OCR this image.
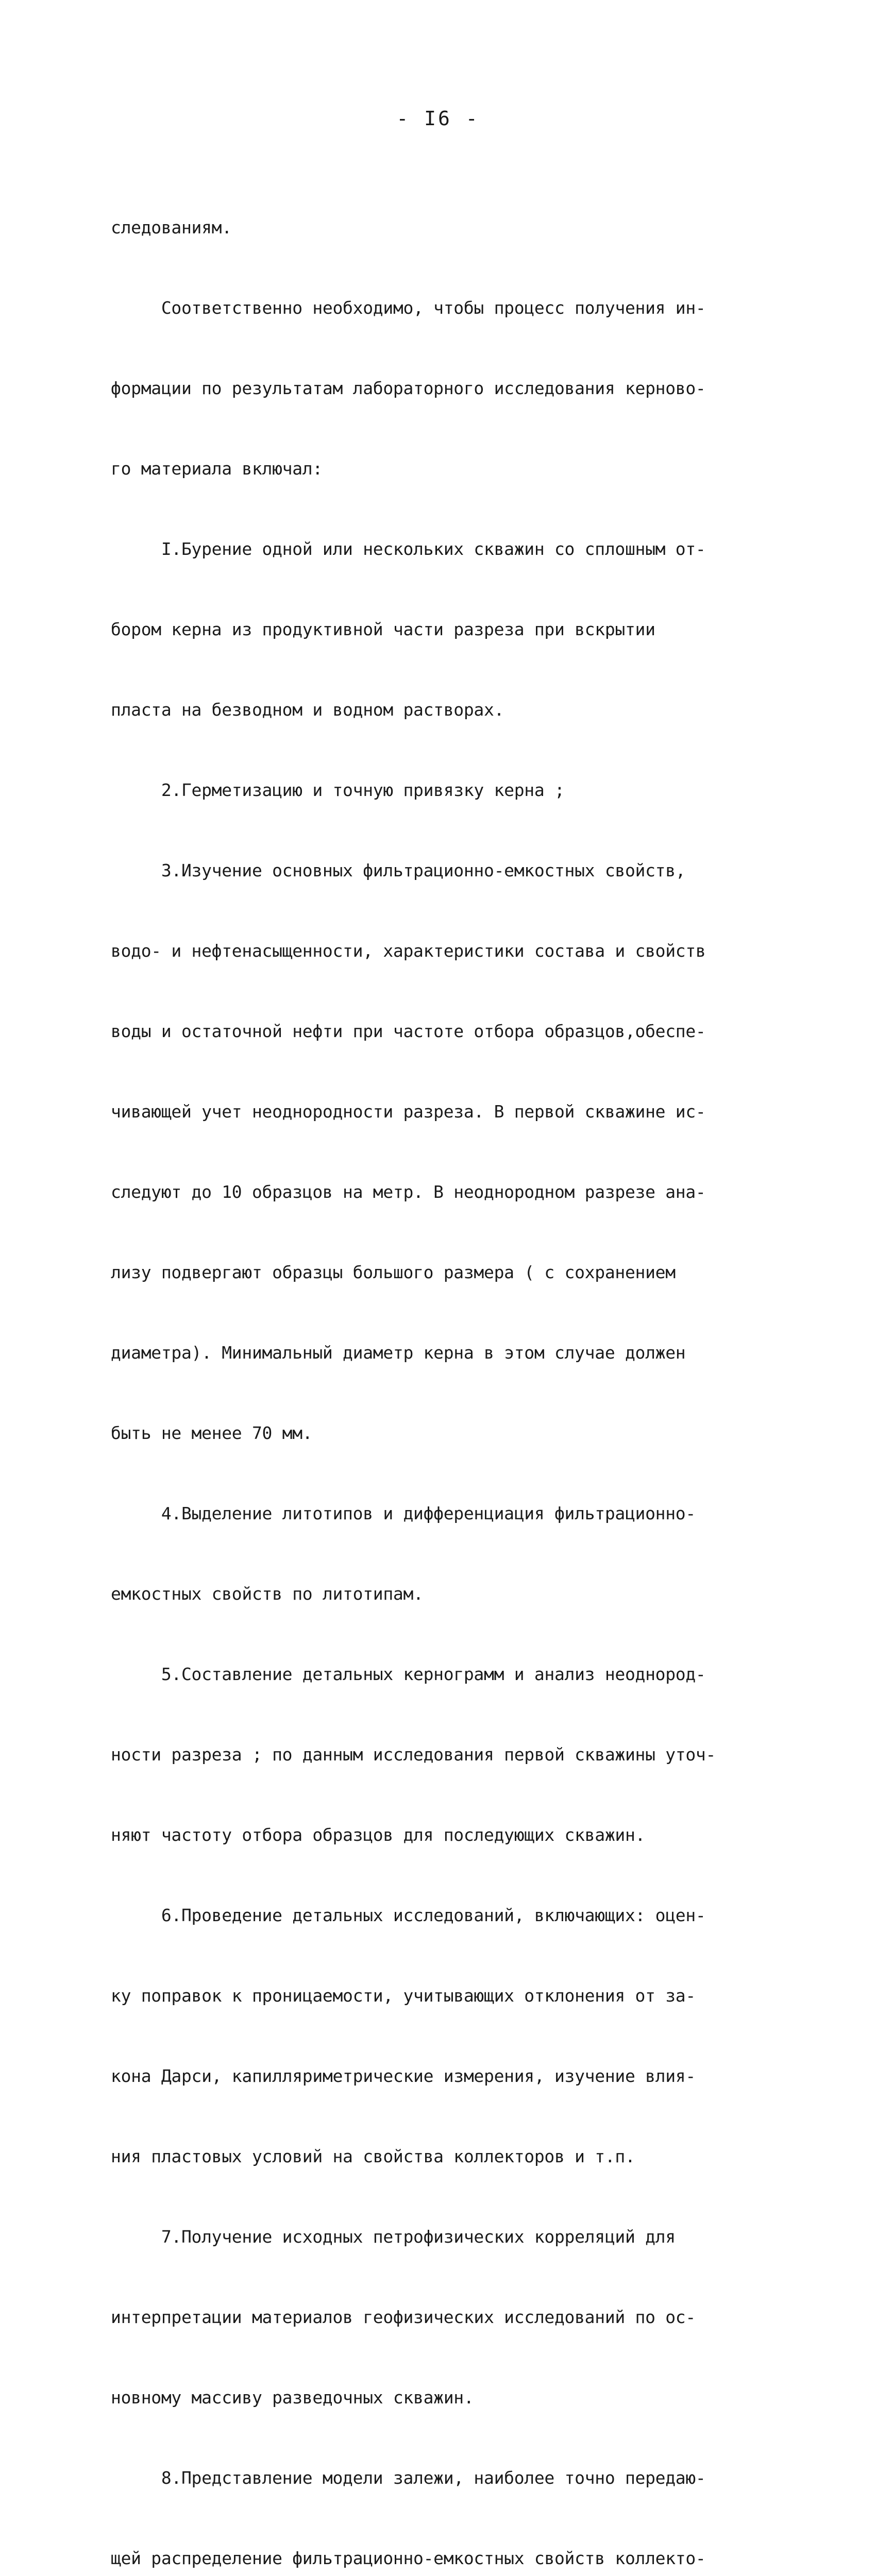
- I6 -

следованиям.

Соответственно необходимо, чтобы процесс получения ин-

формации по результатам лабораторного исследования керново-

го материала включал:

I.Бурение одной или нескольких скважин со сплошным от-

бором керна из продуктивной части разреза при вскрытии

пласта на безводном и водном растворах.

2.Герметизацию и точную привязку керна ;

3.Изучение основных фильтрационно-емкостных свойств,

водо- и нефтенасыщенности, характеристики состава и свойств

воды и остаточной нефти при частоте отбора образцов,обеспе-

чивающей учет неоднородности разреза. В первой скважине ис-

следуют до 10 образцов на метр. В неоднородном разрезе ана-

лизу подвергают образцы большого размера ( с сохранением

диаметра). Минимальный диаметр керна в этом случае должен

быть не менее 70 мм.

4.Выделение литотипов и дифференциация фильтрационно-

емкостных свойств по литотипам.

5.Составление детальных кернограмм и анализ неоднород-

ности разреза ; по данным исследования первой скважины уточ-

няют частоту отбора образцов для последующих скважин.

6.Проведение детальных исследований, включающих: оцен-

ку поправок к проницаемости, учитывающих отклонения от за-

кона Дарси, капилляриметрические измерения, изучение влия-

ния пластовых условий на свойства коллекторов и т.п.

7.Получение исходных петрофизических корреляций для

интерпретации материалов геофизических исследований по ос-

новному массиву разведочных скважин.

8.Представление модели залежи, наиболее точно передаю-

щей распределение фильтрационно-емкостных свойств коллекто-
